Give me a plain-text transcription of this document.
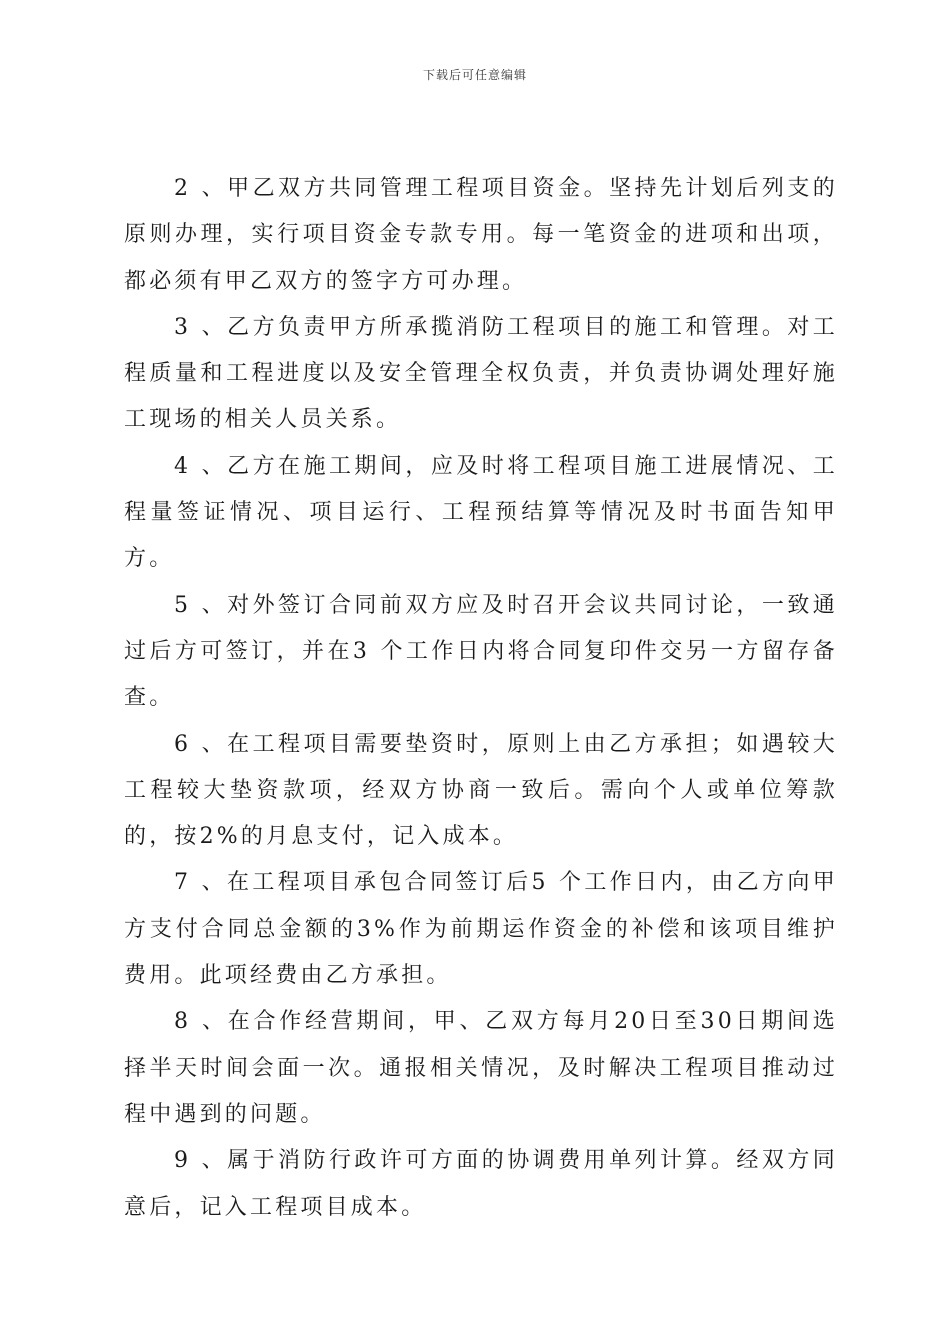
下载后可任意编辑

2 、甲乙双方共同管理工程项目资金。坚持先计划后列支的原则办理，实行项目资金专款专用。每一笔资金的进项和出项，都必须有甲乙双方的签字方可办理。

3 、乙方负责甲方所承揽消防工程项目的施工和管理。对工程质量和工程进度以及安全管理全权负责，并负责协调处理好施工现场的相关人员关系。

4 、乙方在施工期间，应及时将工程项目施工进展情况、工程量签证情况、项目运行、工程预结算等情况及时书面告知甲方。

5 、对外签订合同前双方应及时召开会议共同讨论，一致通过后方可签订，并在3 个工作日内将合同复印件交另一方留存备查。

6 、在工程项目需要垫资时，原则上由乙方承担；如遇较大工程较大垫资款项，经双方协商一致后。需向个人或单位筹款的，按2%的月息支付，记入成本。

7 、在工程项目承包合同签订后5 个工作日内，由乙方向甲方支付合同总金额的3%作为前期运作资金的补偿和该项目维护费用。此项经费由乙方承担。

8 、在合作经营期间，甲、乙双方每月20日至30日期间选择半天时间会面一次。通报相关情况，及时解决工程项目推动过程中遇到的问题。

9 、属于消防行政许可方面的协调费用单列计算。经双方同意后，记入工程项目成本。
